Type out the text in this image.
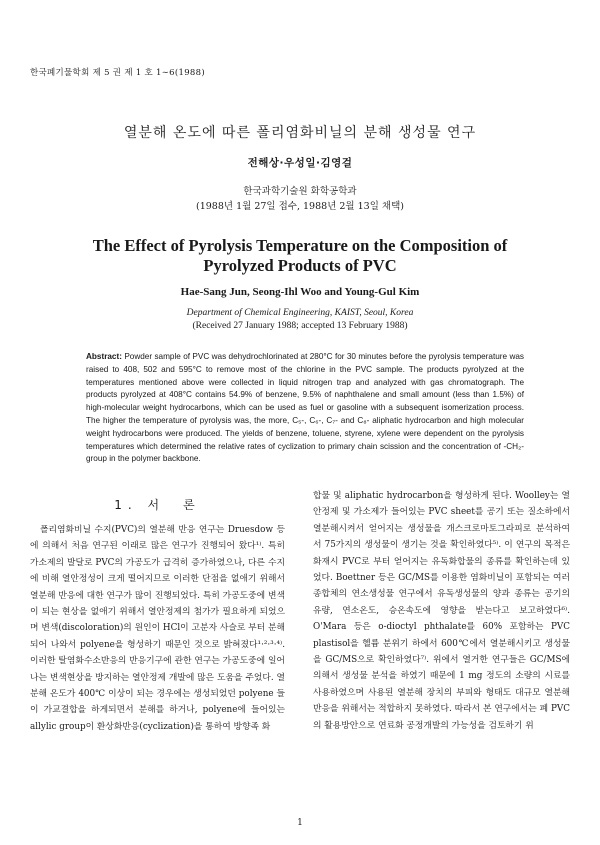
한국폐기물학회 제 5 권 제 1 호 1∼6(1988)
열분해 온도에 따른 폴리염화비닐의 분해 생성물 연구
전해상·우성일·김영걸
한국과학기술원 화학공학과
(1988년 1월 27일 접수, 1988년 2월 13일 채택)
The Effect of Pyrolysis Temperature on the Composition of
Pyrolyzed Products of PVC
Hae-Sang Jun, Seong-Ihl Woo and Young-Gul Kim
Department of Chemical Engineering, KAIST, Seoul, Korea
(Received 27 January 1988; accepted 13 February 1988)
Abstract: Powder sample of PVC was dehydrochlorinated at 280°C for 30 minutes before the pyrolysis temperature was raised to 408, 502 and 595°C to remove most of the chlorine in the PVC sample. The products pyrolyzed at the temperatures mentioned above were collected in liquid nitrogen trap and analyzed with gas chromatograph. The products pyrolyzed at 408°C contains 54.9% of benzene, 9.5% of naphthalene and small amount (less than 1.5%) of high-molecular weight hydrocarbons, which can be used as fuel or gasoline with a subsequent isomerization process. The higher the temperature of pyrolysis was, the more, C₅-, C₆-, C₇- and C₈- aliphatic hydrocarbon and high molecular weight hydrocarbons were produced. The yields of benzene, toluene, styrene, xylene were dependent on the pyrolysis temperatures which determined the relative rates of cyclization to primary chain scission and the concentration of -CH₂- group in the polymer backbone.
1. 서　론

폴리염화비닐 수지(PVC)의 열분해 반응 연구는 Druesdow 등에 의해서 처음 연구된 이래로 많은 연구가 진행되어 왔다¹⁾. 특히 가소제의 발달로 PVC의 가공도가 급격히 증가하였으나, 다른 수지에 비해 열안정성이 크게 떨어지므로 이러한 단점을 없애기 위해서 열분해 반응에 대한 연구가 많이 진행되었다. 특히 가공도중에 변색이 되는 현상을 없애기 위해서 열안정제의 첨가가 필요하게 되었으며 변색(discoloration)의 원인이 HCl이 고분자 사슬로 부터 분해되어 나와서 polyene을 형성하기 때문인 것으로 밝혀졌다¹·²·³·⁴⁾. 이러한 탈염화수소반응의 반응기구에 관한 연구는 가공도중에 일어나는 변색현상을 방지하는 열안정제 개발에 많은 도움을 주었다. 열분해 온도가 400℃ 이상이 되는 경우에는 생성되었던 polyene 들이 가교결합을 하게되면서 분해를 하거나, polyene에 들어있는 allylic group이 환상화반응(cyclization)을 통하여 방향족 화

합물 및 aliphatic hydrocarbon을 형성하게 된다. Woolley는 열안정제 및 가소제가 들어있는 PVC sheet를 공기 또는 질소하에서 열분해시켜서 얻어지는 생성물을 개스크로마토그라피로 분석하여서 75가지의 생성물이 생기는 것을 확인하였다⁵⁾. 이 연구의 목적은 화재시 PVC로 부터 얻어지는 유독화합물의 종류를 확인하는데 있었다. Boettner 등은 GC/MS를 이용한 염화비닐이 포함되는 여러 종합체의 연소생성물 연구에서 유독생성물의 양과 종류는 공기의 유량, 연소온도, 승온속도에 영향을 받는다고 보고하였다⁶⁾. O'Mara 등은 o-dioctyl phthalate를 60% 포함하는 PVC plastisol을 헬륨 분위기 하에서 600℃에서 열분해시키고 생성물을 GC/MS으로 확인하였다⁷⁾. 위에서 열거한 연구들은 GC/MS에 의해서 생성물 분석을 하였기 때문에 1 mg 정도의 소량의 시료를 사용하였으며 사용된 열분해 장치의 부피와 형태도 대규모 열분해 반응을 위해서는 적합하지 못하였다. 따라서 본 연구에서는 폐 PVC의 활용방안으로 연료화 공정개발의 가능성을 검토하기 위

1
